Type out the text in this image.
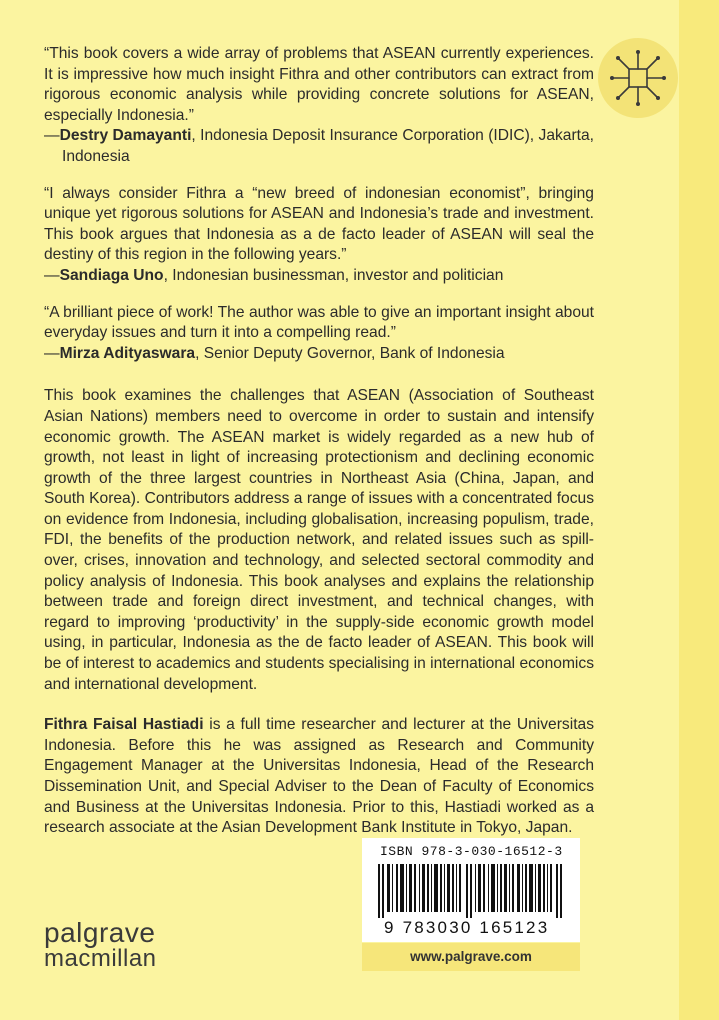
“This book covers a wide array of problems that ASEAN currently experiences. It is impressive how much insight Fithra and other contributors can extract from rigorous economic analysis while providing concrete solutions for ASEAN, especially Indonesia.”

—Destry Damayanti, Indonesia Deposit Insurance Corporation (IDIC), Jakarta, Indonesia

“I always consider Fithra a “new breed of indonesian economist”, bringing unique yet rigorous solutions for ASEAN and Indonesia’s trade and investment. This book argues that Indonesia as a de facto leader of ASEAN will seal the destiny of this region in the following years.”

—Sandiaga Uno, Indonesian businessman, investor and politician

“A brilliant piece of work! The author was able to give an important insight about everyday issues and turn it into a compelling read.”

—Mirza Adityaswara, Senior Deputy Governor, Bank of Indonesia

This book examines the challenges that ASEAN (Association of Southeast Asian Nations) members need to overcome in order to sustain and intensify economic growth. The ASEAN market is widely regarded as a new hub of growth, not least in light of increasing protectionism and declining economic growth of the three largest countries in Northeast Asia (China, Japan, and South Korea). Contributors address a range of issues with a concentrated focus on evidence from Indonesia, including globalisation, increasing populism, trade, FDI, the benefits of the production network, and related issues such as spill-over, crises, innovation and technology, and selected sectoral commodity and policy analysis of Indonesia. This book analyses and explains the relationship between trade and foreign direct investment, and technical changes, with regard to improving ‘productivity’ in the supply-side economic growth model using, in particular, Indonesia as the de facto leader of ASEAN. This book will be of interest to academics and students specialising in international economics and international development.

Fithra Faisal Hastiadi is a full time researcher and lecturer at the Universitas Indonesia. Before this he was assigned as Research and Community Engagement Manager at the Universitas Indonesia, Head of the Research Dissemination Unit, and Special Adviser to the Dean of Faculty of Economics and Business at the Universitas Indonesia. Prior to this, Hastiadi worked as a research associate at the Asian Development Bank Institute in Tokyo, Japan.

palgrave
macmillan
ISBN 978-3-030-16512-3
9 783030 165123
www.palgrave.com
